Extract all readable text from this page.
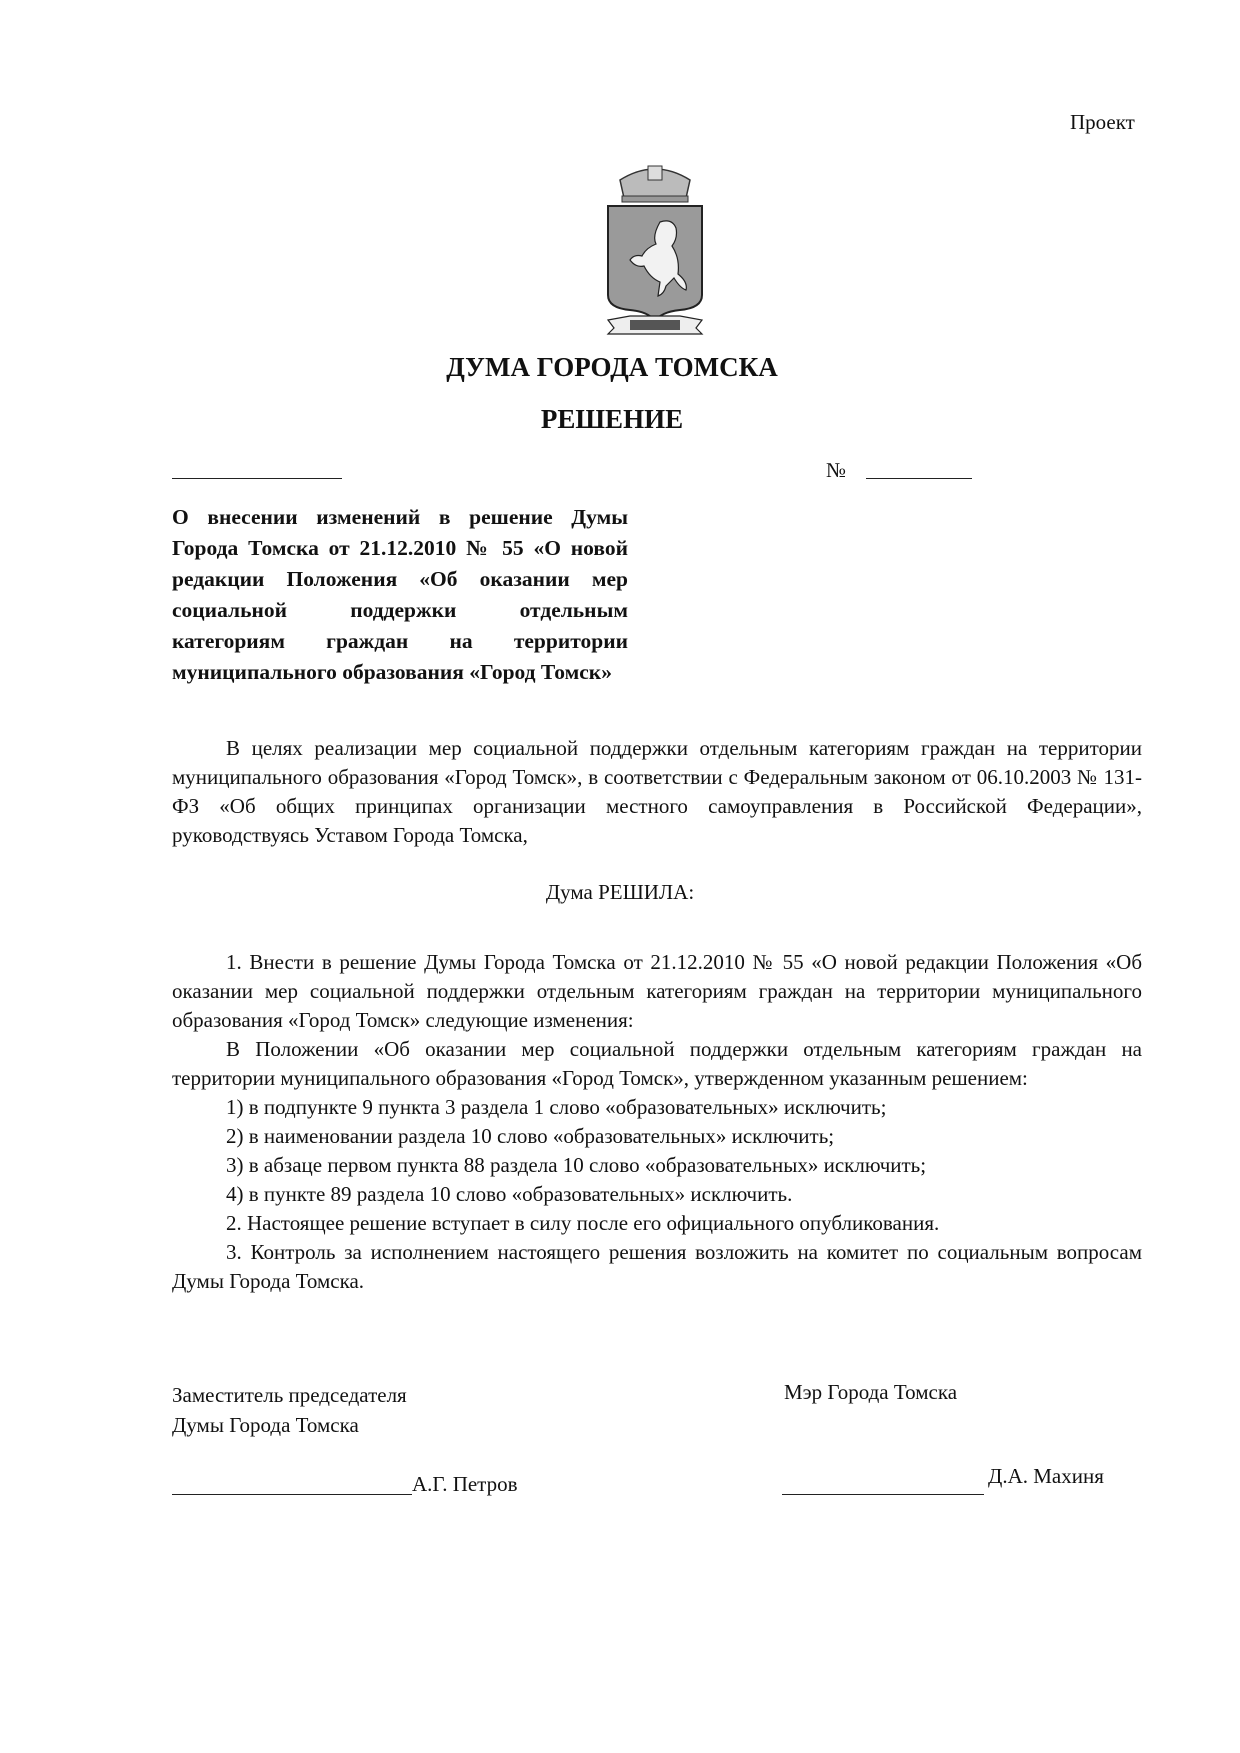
Проект
ДУМА ГОРОДА ТОМСКА
РЕШЕНИЕ
№
О внесении изменений в решение Думы Города Томска от 21.12.2010 № 55 «О новой редакции Положения «Об оказании мер социальной поддержки отдельным категориям граждан на территории муниципального образования «Город Томск»
В целях реализации мер социальной поддержки отдельным категориям граждан на территории муниципального образования «Город Томск», в соответствии с Федеральным законом от 06.10.2003 № 131-ФЗ «Об общих принципах организации местного самоуправления в Российской Федерации», руководствуясь Уставом Города Томска,
Дума РЕШИЛА:
1. Внести в решение Думы Города Томска от 21.12.2010 № 55 «О новой редакции Положения «Об оказании мер социальной поддержки отдельным категориям граждан на территории муниципального образования «Город Томск» следующие изменения:
В Положении «Об оказании мер социальной поддержки отдельным категориям граждан на территории муниципального образования «Город Томск», утвержденном указанным решением:
1) в подпункте 9 пункта 3 раздела 1 слово «образовательных» исключить;
2) в наименовании раздела 10 слово «образовательных» исключить;
3) в абзаце первом пункта 88 раздела 10 слово «образовательных» исключить;
4) в пункте 89 раздела 10 слово «образовательных» исключить.
2. Настоящее решение вступает в силу после его официального опубликования.
3. Контроль за исполнением настоящего решения возложить на комитет по социальным вопросам Думы Города Томска.
Заместитель председателя
Думы Города Томска
Мэр Города Томска
А.Г. Петров	Д.А. Махиня
